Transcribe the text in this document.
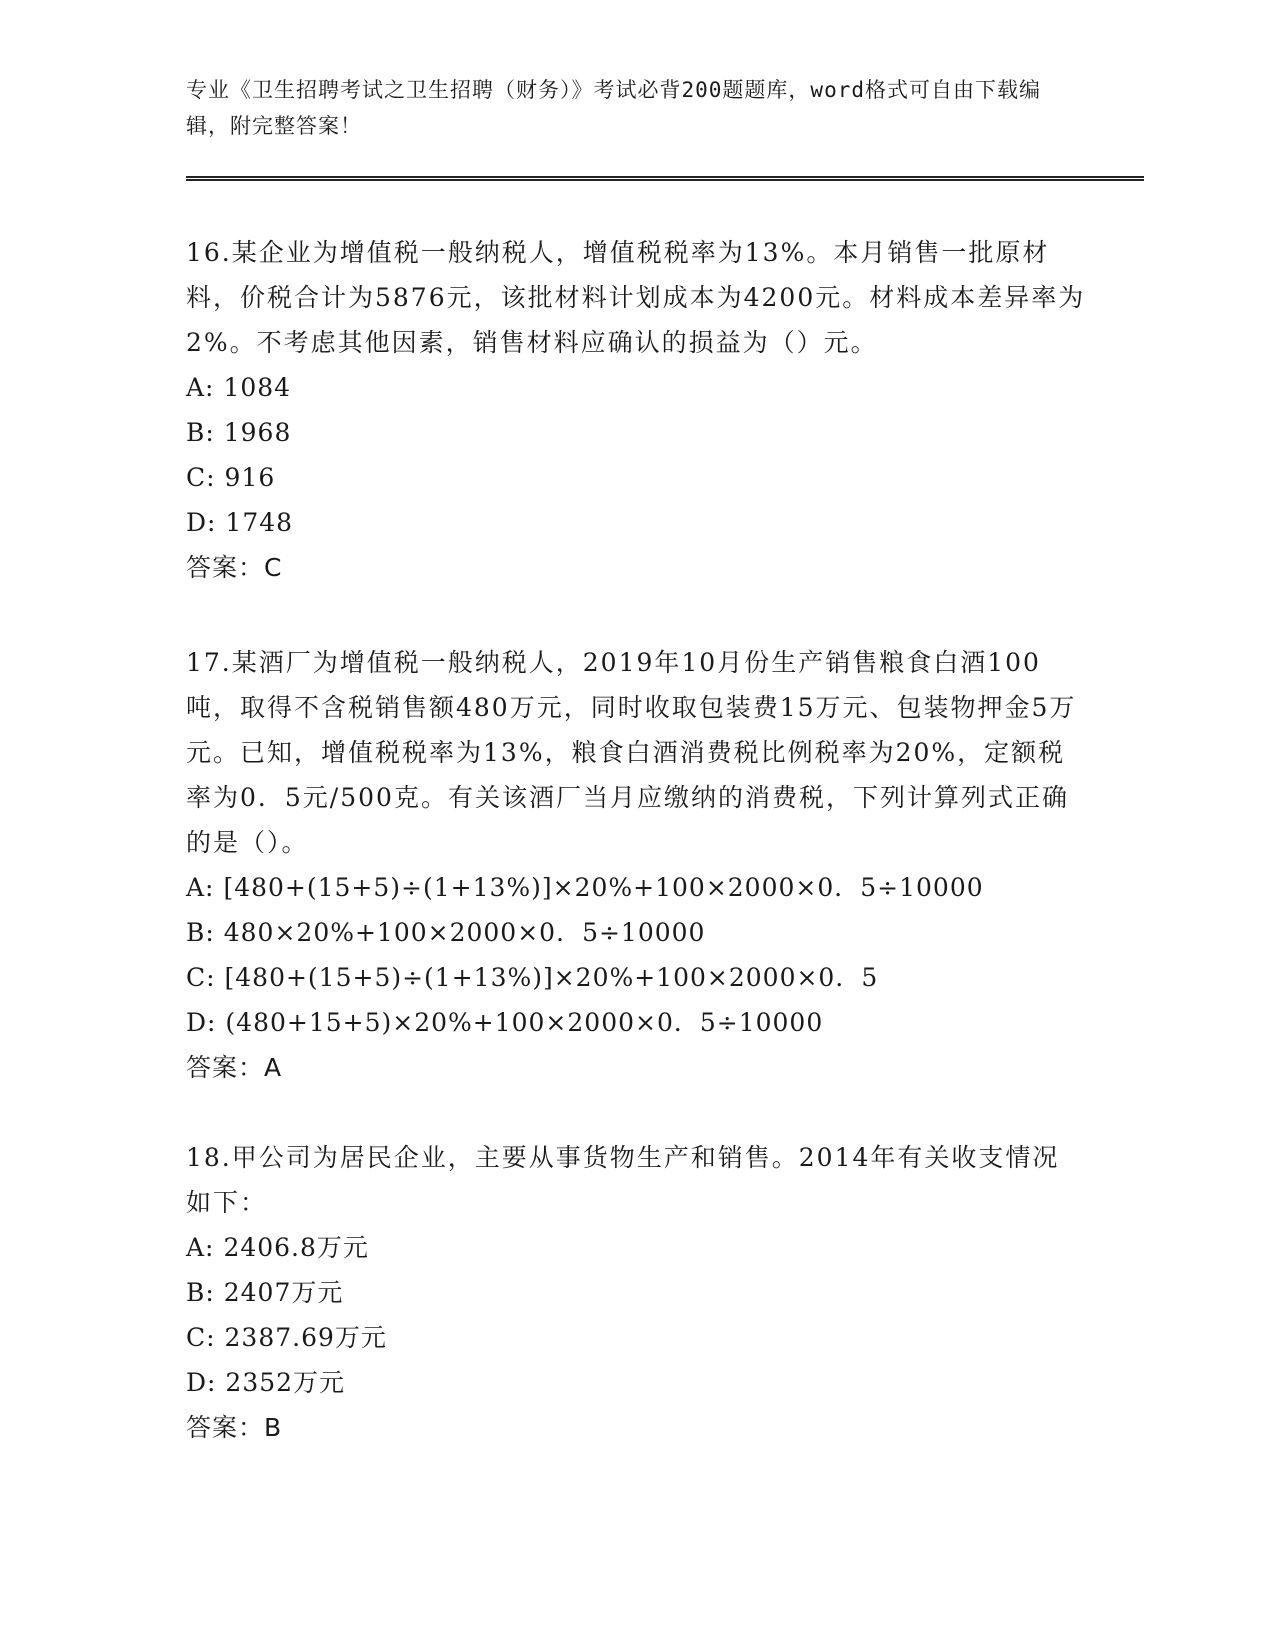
专业《卫生招聘考试之卫生招聘（财务）》考试必背200题题库，word格式可自由下载编辑，附完整答案！

16.某企业为增值税一般纳税人，增值税税率为13%。本月销售一批原材料，价税合计为5876元，该批材料计划成本为4200元。材料成本差异率为2%。不考虑其他因素，销售材料应确认的损益为（）元。

A: 1084

B: 1968

C: 916

D: 1748

答案：C

17.某酒厂为增值税一般纳税人，2019年10月份生产销售粮食白酒100吨，取得不含税销售额480万元，同时收取包装费15万元、包装物押金5万元。已知，增值税税率为13%，粮食白酒消费税比例税率为20%，定额税率为0．5元/500克。有关该酒厂当月应缴纳的消费税，下列计算列式正确的是（）。

A: [480+(15+5)÷(1+13%)]×20%+100×2000×0．5÷10000

B: 480×20%+100×2000×0．5÷10000

C: [480+(15+5)÷(1+13%)]×20%+100×2000×0．5

D: (480+15+5)×20%+100×2000×0．5÷10000

答案：A

18.甲公司为居民企业，主要从事货物生产和销售。2014年有关收支情况如下：

A: 2406.8万元

B: 2407万元

C: 2387.69万元

D: 2352万元

答案：B
